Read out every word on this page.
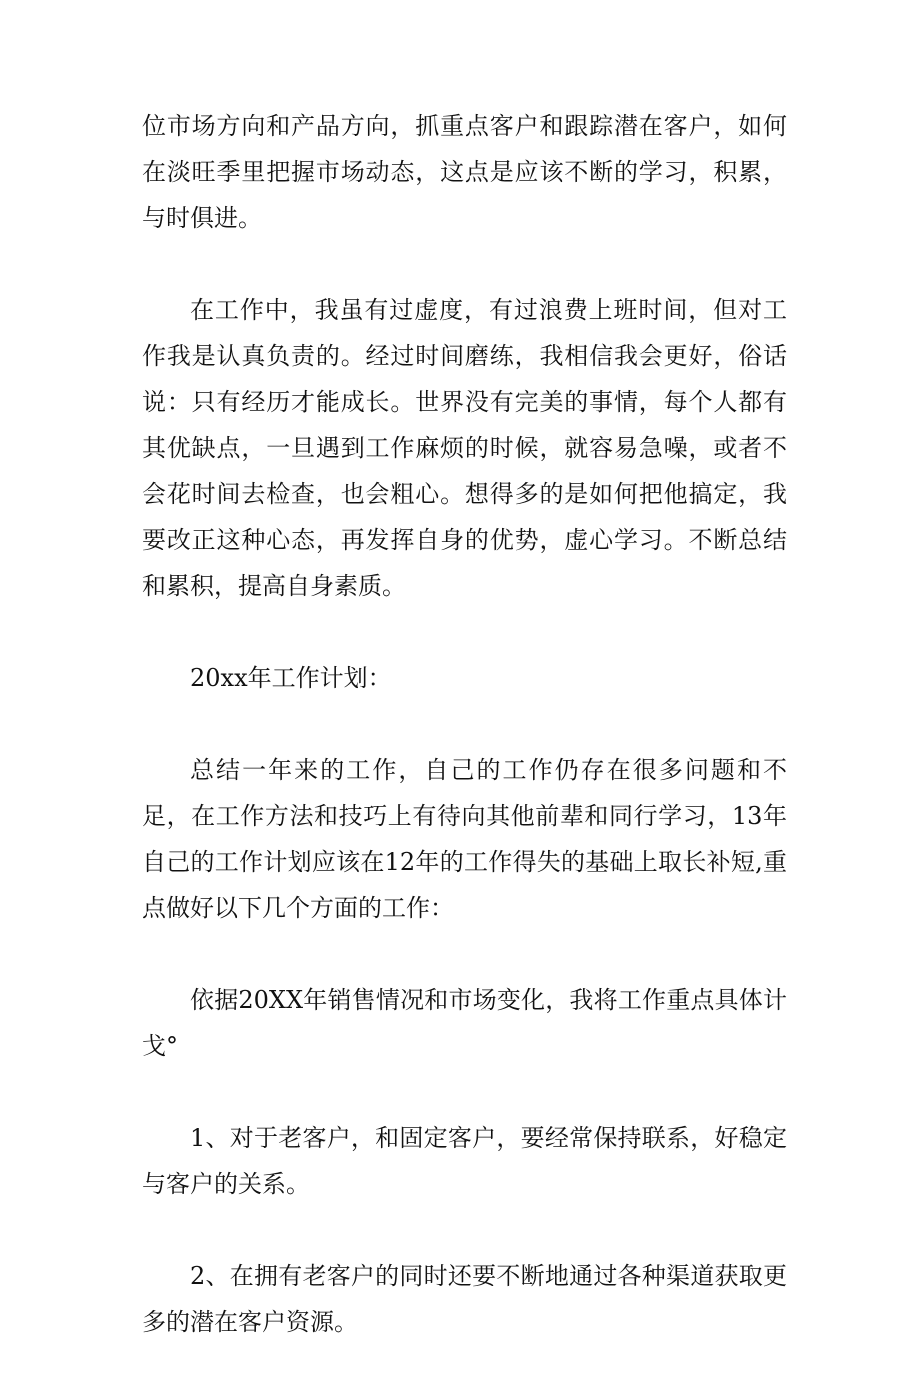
位市场方向和产品方向，抓重点客户和跟踪潜在客户，如何在淡旺季里把握市场动态，这点是应该不断的学习，积累，与时俱进。

在工作中，我虽有过虚度，有过浪费上班时间，但对工作我是认真负责的。经过时间磨练，我相信我会更好，俗话说：只有经历才能成长。世界没有完美的事情，每个人都有其优缺点，一旦遇到工作麻烦的时候，就容易急噪，或者不会花时间去检查，也会粗心。想得多的是如何把他搞定，我要改正这种心态，再发挥自身的优势，虚心学习。不断总结和累积，提高自身素质。

20xx年工作计划：

总结一年来的工作，自己的工作仍存在很多问题和不足，在工作方法和技巧上有待向其他前辈和同行学习，13年自己的工作计划应该在12年的工作得失的基础上取长补短,重点做好以下几个方面的工作：

依据20XX年销售情况和市场变化，我将工作重点具体计戈°

1、对于老客户，和固定客户，要经常保持联系，好稳定与客户的关系。

2、在拥有老客户的同时还要不断地通过各种渠道获取更多的潜在客户资源。
